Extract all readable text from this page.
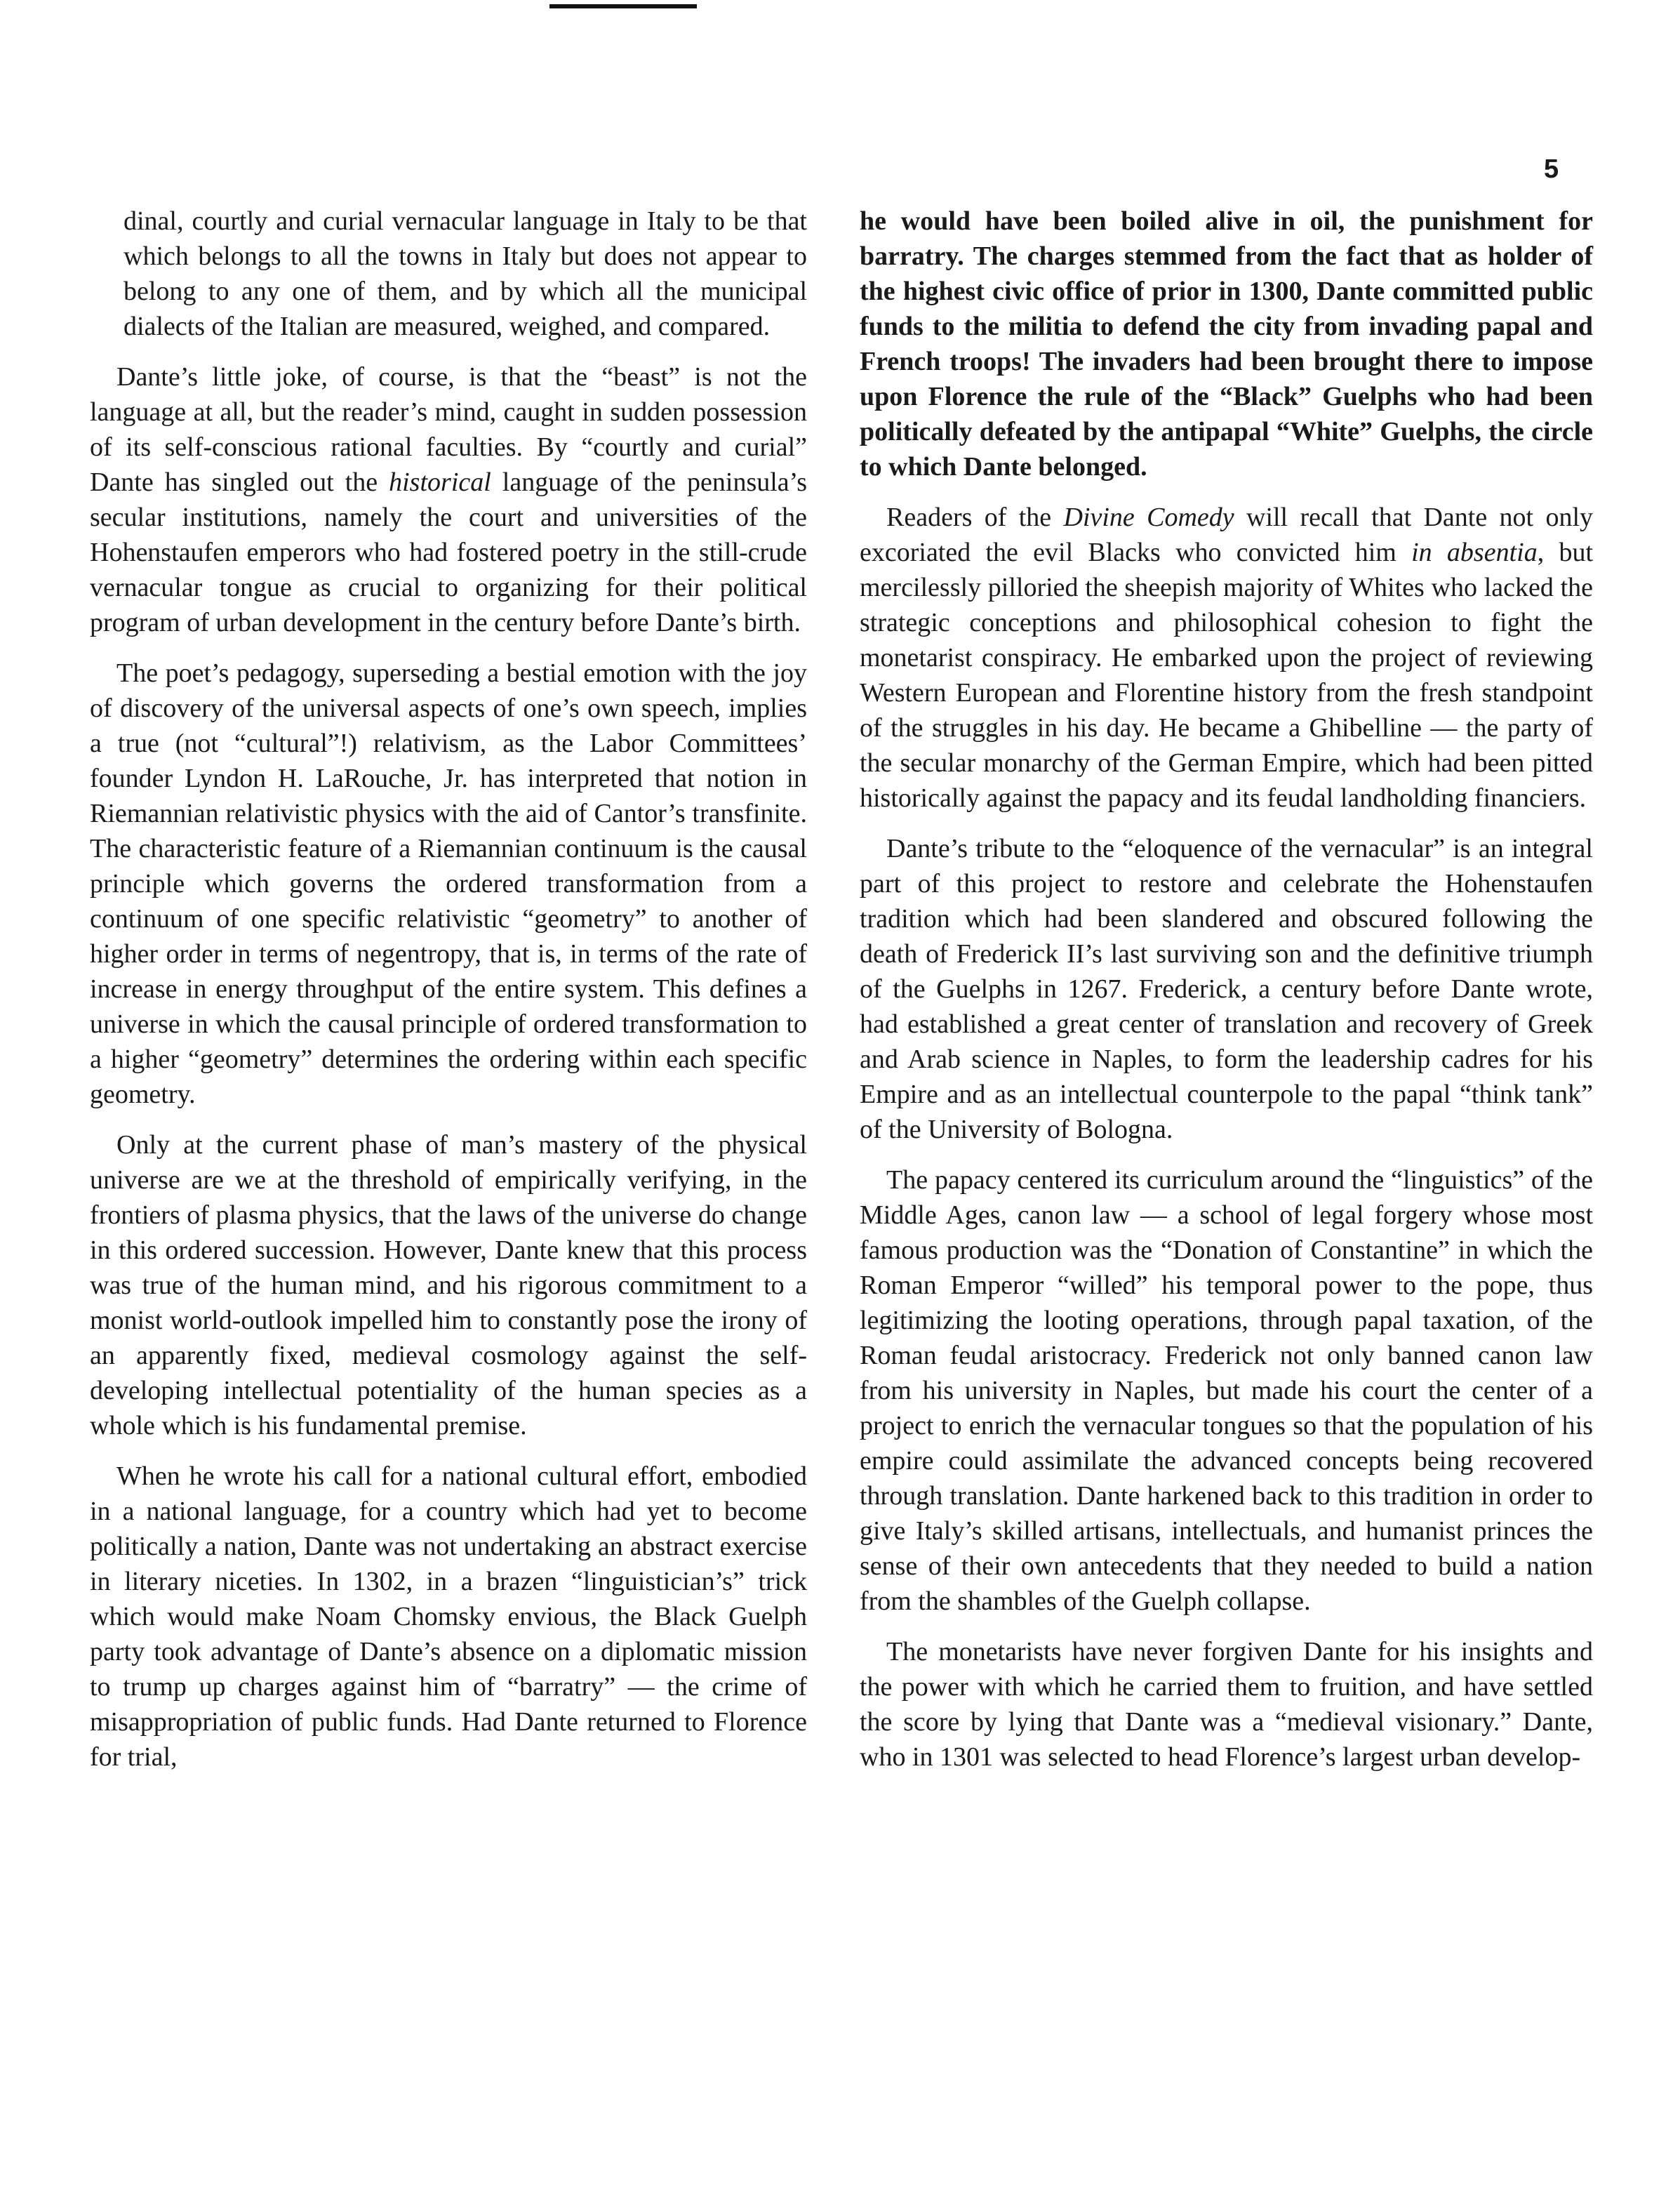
5

dinal, courtly and curial vernacular language in Italy to be that which belongs to all the towns in Italy but does not appear to belong to any one of them, and by which all the municipal dialects of the Italian are measured, weighed, and compared.

Dante’s little joke, of course, is that the “beast” is not the language at all, but the reader’s mind, caught in sudden possession of its self-conscious rational faculties. By “courtly and curial” Dante has singled out the historical language of the peninsula’s secular institutions, namely the court and universities of the Hohenstaufen emperors who had fostered poetry in the still-crude vernacular tongue as crucial to organizing for their political program of urban development in the century before Dante’s birth.

The poet’s pedagogy, superseding a bestial emotion with the joy of discovery of the universal aspects of one’s own speech, implies a true (not “cultural”!) relativism, as the Labor Committees’ founder Lyndon H. LaRouche, Jr. has interpreted that notion in Riemannian relativistic physics with the aid of Cantor’s transfinite. The characteristic feature of a Riemannian continuum is the causal principle which governs the ordered transformation from a continuum of one specific relativistic “geometry” to another of higher order in terms of negentropy, that is, in terms of the rate of increase in energy throughput of the entire system. This defines a universe in which the causal principle of ordered transformation to a higher “geometry” determines the ordering within each specific geometry.

Only at the current phase of man’s mastery of the physical universe are we at the threshold of empirically verifying, in the frontiers of plasma physics, that the laws of the universe do change in this ordered succession. However, Dante knew that this process was true of the human mind, and his rigorous commitment to a monist world-outlook impelled him to constantly pose the irony of an apparently fixed, medieval cosmology against the self-developing intellectual potentiality of the human species as a whole which is his fundamental premise.

When he wrote his call for a national cultural effort, embodied in a national language, for a country which had yet to become politically a nation, Dante was not undertaking an abstract exercise in literary niceties. In 1302, in a brazen “linguistician’s” trick which would make Noam Chomsky envious, the Black Guelph party took advantage of Dante’s absence on a diplomatic mission to trump up charges against him of “barratry” — the crime of misappropriation of public funds. Had Dante returned to Florence for trial,

he would have been boiled alive in oil, the punishment for barratry. The charges stemmed from the fact that as holder of the highest civic office of prior in 1300, Dante committed public funds to the militia to defend the city from invading papal and French troops! The invaders had been brought there to impose upon Florence the rule of the “Black” Guelphs who had been politically defeated by the antipapal “White” Guelphs, the circle to which Dante belonged.

Readers of the Divine Comedy will recall that Dante not only excoriated the evil Blacks who convicted him in absentia, but mercilessly pilloried the sheepish majority of Whites who lacked the strategic conceptions and philosophical cohesion to fight the monetarist conspiracy. He embarked upon the project of reviewing Western European and Florentine history from the fresh standpoint of the struggles in his day. He became a Ghibelline — the party of the secular monarchy of the German Empire, which had been pitted historically against the papacy and its feudal landholding financiers.

Dante’s tribute to the “eloquence of the vernacular” is an integral part of this project to restore and celebrate the Hohenstaufen tradition which had been slandered and obscured following the death of Frederick II’s last surviving son and the definitive triumph of the Guelphs in 1267. Frederick, a century before Dante wrote, had established a great center of translation and recovery of Greek and Arab science in Naples, to form the leadership cadres for his Empire and as an intellectual counterpole to the papal “think tank” of the University of Bologna.

The papacy centered its curriculum around the “linguistics” of the Middle Ages, canon law — a school of legal forgery whose most famous production was the “Donation of Constantine” in which the Roman Emperor “willed” his temporal power to the pope, thus legitimizing the looting operations, through papal taxation, of the Roman feudal aristocracy. Frederick not only banned canon law from his university in Naples, but made his court the center of a project to enrich the vernacular tongues so that the population of his empire could assimilate the advanced concepts being recovered through translation. Dante harkened back to this tradition in order to give Italy’s skilled artisans, intellectuals, and humanist princes the sense of their own antecedents that they needed to build a nation from the shambles of the Guelph collapse.

The monetarists have never forgiven Dante for his insights and the power with which he carried them to fruition, and have settled the score by lying that Dante was a “medieval visionary.” Dante, who in 1301 was selected to head Florence’s largest urban develop-
